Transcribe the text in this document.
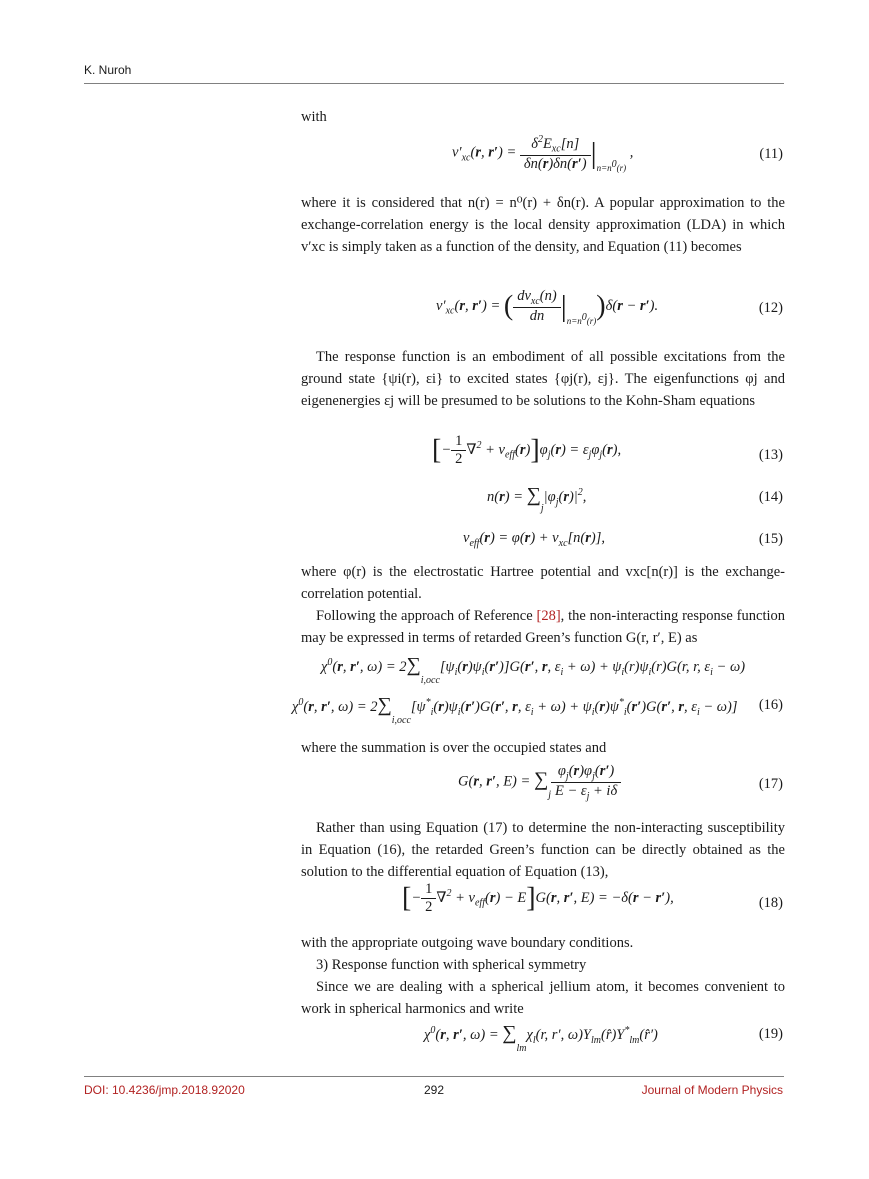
K. Nuroh
with
$v'_{xc}(r$, $r') = \frac{\delta^2E_{xc}[n]}{\delta n(r)\delta n(r')} |_{n=n^0(r)}$ ,	(11)
where it is considered that n(r) = n⁰(r) + δn(r). A popular approximation to the exchange-correlation energy is the local density approximation (LDA) in which v′xc is simply taken as a function of the density, and Equation (11) becomes
$v'_{xc}(r$, r′) = ( $\frac{dv_{xc}(n)}{dn} |_{n=n^0(r)})\delta(r - r')$.	(12)
The response function is an embodiment of all possible excitations from the ground state {ψi(r), εi} to excited states {φj(r), εj}. The eigenfunctions φj and eigenenergies εj will be presumed to be solutions to the Kohn-Sham equations
[− $\frac{1}{2} \nabla^2 + v_{eff}(r)]\varphi_j(r) = \varepsilon_j\varphi_j(r)$,	(13)
$n(r) = \sum_j|\varphi_j(r)|^2$,	(14)
$v_{eff}(r) = \varphi(r) + v_{xc}[n(r)]$,	(15)
where φ(r) is the electrostatic Hartree potential and vxc[n(r)] is the exchange-correlation potential.
Following the approach of Reference [28], the non-interacting response function may be expressed in terms of retarded Green’s function G(r, r′, E) as
$\chi^0(r$, r′, $\omega) = 2\sum_{i,occ}[\psi_i(r)\psi_i(r')]G(r'$, r, $\varepsilon_i + \omega) + \psi_i(r)\psi_i(r)G(r$, r, $\varepsilon_i - \omega$)
$\chi^0(r$, r′, $\omega) = 2\sum_{i,occ}[\psi^*_i(r)\psi_i(r')G(r'$, r, $\varepsilon_i + \omega) + \psi_i(r)\psi^*_i(r')G(r'$, r, $\varepsilon_i - \omega$)] (16)
where the summation is over the occupied states and
G(r, r′, $E) = \sum_j \frac{\varphi_j(r)\varphi_j(r')}{E - \varepsilon_j + i\delta}$	(17)
Rather than using Equation (17) to determine the non-interacting susceptibility in Equation (16), the retarded Green’s function can be directly obtained as the solution to the differential equation of Equation (13),
[− $\frac{1}{2} \nabla^2 + v_{eff}(r) - E]G(r$, r′, E) = −δ(r − r′),	(18)
with the appropriate outgoing wave boundary conditions.
3) Response function with spherical symmetry
Since we are dealing with a spherical jellium atom, it becomes convenient to work in spherical harmonics and write
$\chi^0(r$, r′, $\omega) = \sum_{lm}\chi_l(r$, r′, $\omega)Y_{lm}(r̂)Y^*_{lm}(r̂')$	(19)
DOI: 10.4236/jmp.2018.92020	292	Journal of Modern Physics
